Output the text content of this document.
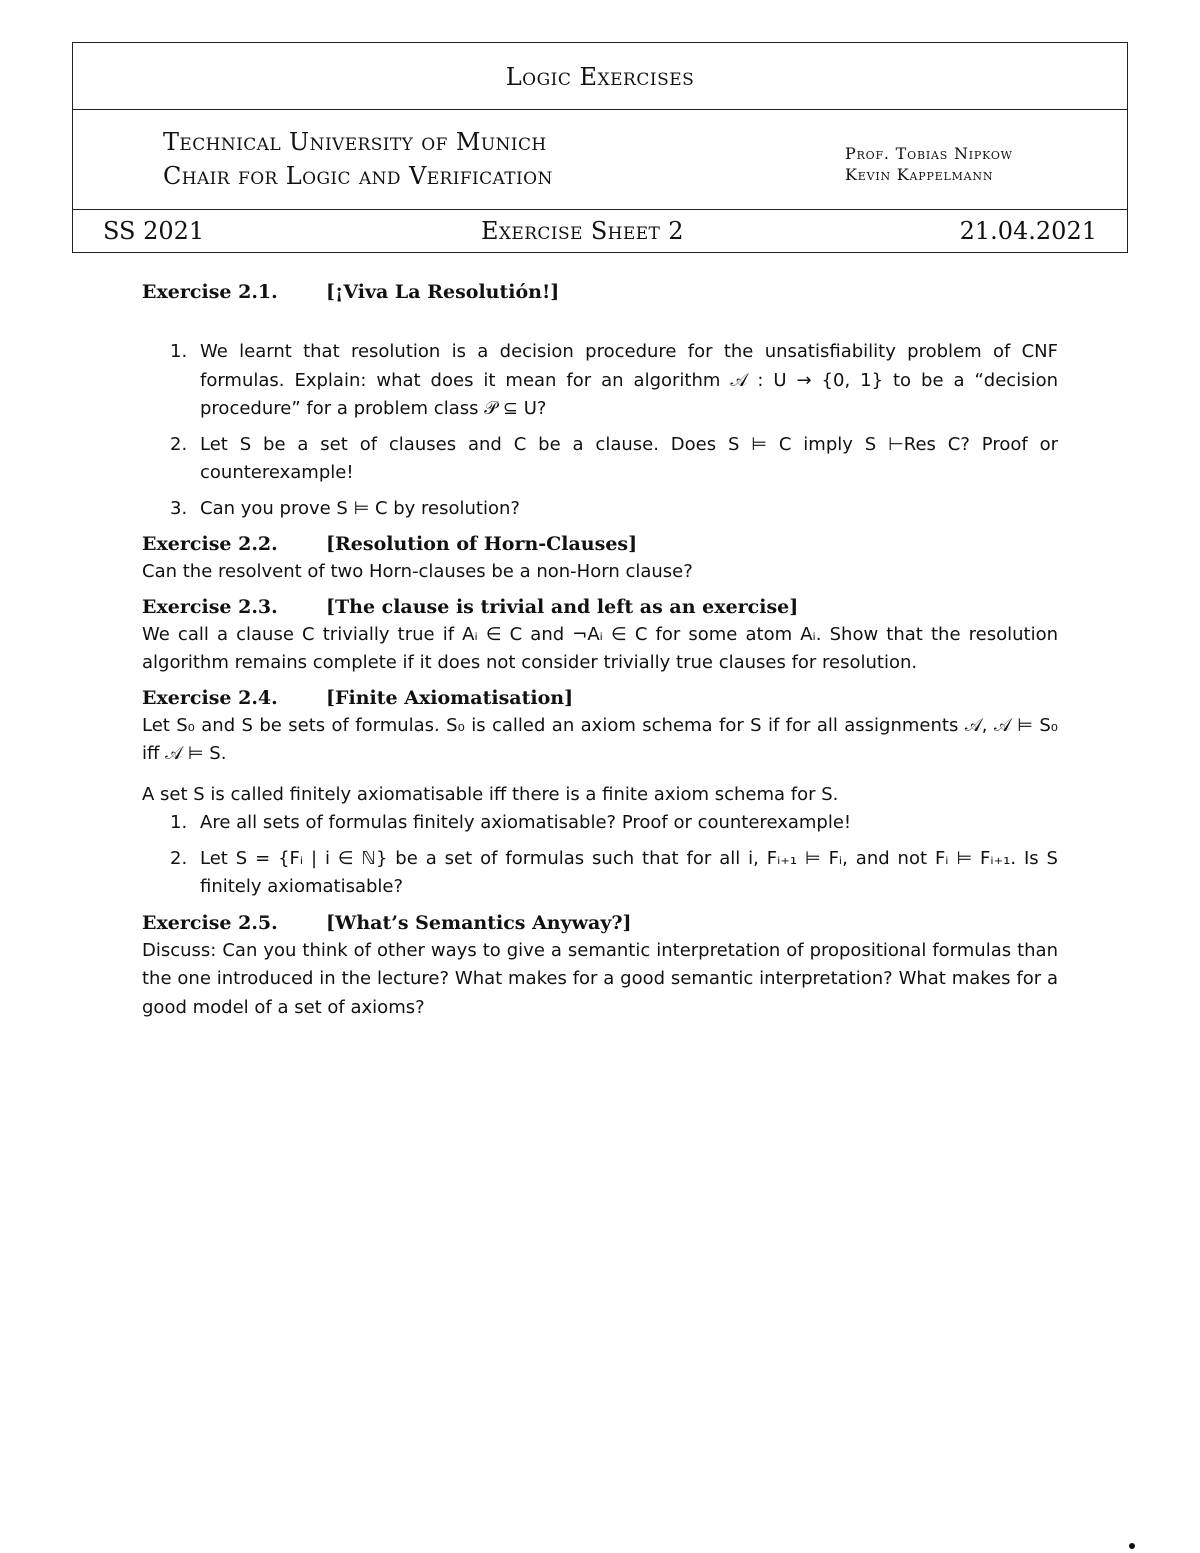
Logic Exercises
Technical University of Munich
Chair for Logic and Verification
Prof. Tobias Nipkow
Kevin Kappelmann
SS 2021	Exercise Sheet 2	21.04.2021
Exercise 2.1.	[¡Viva La Resolutión!]
1. We learnt that resolution is a decision procedure for the unsatisfiability problem of CNF formulas. Explain: what does it mean for an algorithm 𝒜 : U → {0, 1} to be a “decision procedure” for a problem class 𝒫 ⊆ U?
2. Let S be a set of clauses and C be a clause. Does S ⊨ C imply S ⊢Res C? Proof or counterexample!
3. Can you prove S ⊨ C by resolution?
Exercise 2.2.	[Resolution of Horn-Clauses]

Can the resolvent of two Horn-clauses be a non-Horn clause?

Exercise 2.3.	[The clause is trivial and left as an exercise]

We call a clause C trivially true if Aᵢ ∈ C and ¬Aᵢ ∈ C for some atom Aᵢ. Show that the resolution algorithm remains complete if it does not consider trivially true clauses for resolution.

Exercise 2.4.	[Finite Axiomatisation]

Let S₀ and S be sets of formulas. S₀ is called an axiom schema for S if for all assignments 𝒜, 𝒜 ⊨ S₀ iff 𝒜 ⊨ S.

A set S is called finitely axiomatisable iff there is a finite axiom schema for S.

1. Are all sets of formulas finitely axiomatisable? Proof or counterexample!
2. Let S = {Fᵢ | i ∈ ℕ} be a set of formulas such that for all i, Fᵢ₊₁ ⊨ Fᵢ, and not Fᵢ ⊨ Fᵢ₊₁. Is S finitely axiomatisable?
Exercise 2.5.	[What’s Semantics Anyway?]

Discuss: Can you think of other ways to give a semantic interpretation of propositional formulas than the one introduced in the lecture? What makes for a good semantic interpretation? What makes for a good model of a set of axioms?
